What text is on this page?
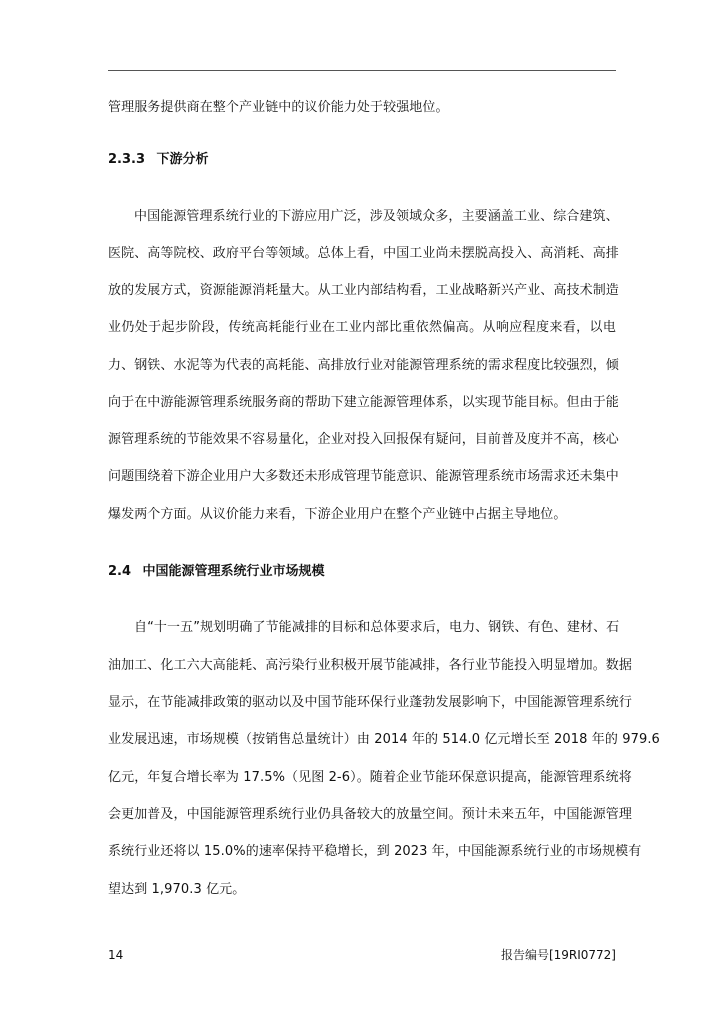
管理服务提供商在整个产业链中的议价能力处于较强地位。
2.3.3 下游分析
中国能源管理系统行业的下游应用广泛，涉及领域众多，主要涵盖工业、综合建筑、
医院、高等院校、政府平台等领域。总体上看，中国工业尚未摆脱高投入、高消耗、高排
放的发展方式，资源能源消耗量大。从工业内部结构看，工业战略新兴产业、高技术制造
业仍处于起步阶段，传统高耗能行业在工业内部比重依然偏高。从响应程度来看，以电
力、钢铁、水泥等为代表的高耗能、高排放行业对能源管理系统的需求程度比较强烈，倾
向于在中游能源管理系统服务商的帮助下建立能源管理体系，以实现节能目标。但由于能
源管理系统的节能效果不容易量化，企业对投入回报保有疑问，目前普及度并不高，核心
问题围绕着下游企业用户大多数还未形成管理节能意识、能源管理系统市场需求还未集中
爆发两个方面。从议价能力来看，下游企业用户在整个产业链中占据主导地位。
2.4 中国能源管理系统行业市场规模
自“十一五”规划明确了节能减排的目标和总体要求后，电力、钢铁、有色、建材、石
油加工、化工六大高能耗、高污染行业积极开展节能减排，各行业节能投入明显增加。数据
显示，在节能减排政策的驱动以及中国节能环保行业蓬勃发展影响下，中国能源管理系统行
业发展迅速，市场规模（按销售总量统计）由 2014 年的 514.0 亿元增长至 2018 年的 979.6
亿元，年复合增长率为 17.5%（见图 2-6）。随着企业节能环保意识提高，能源管理系统将
会更加普及，中国能源管理系统行业仍具备较大的放量空间。预计未来五年，中国能源管理
系统行业还将以 15.0%的速率保持平稳增长，到 2023 年，中国能源系统行业的市场规模有
望达到 1,970.3 亿元。
14	报告编号[19RI0772]
